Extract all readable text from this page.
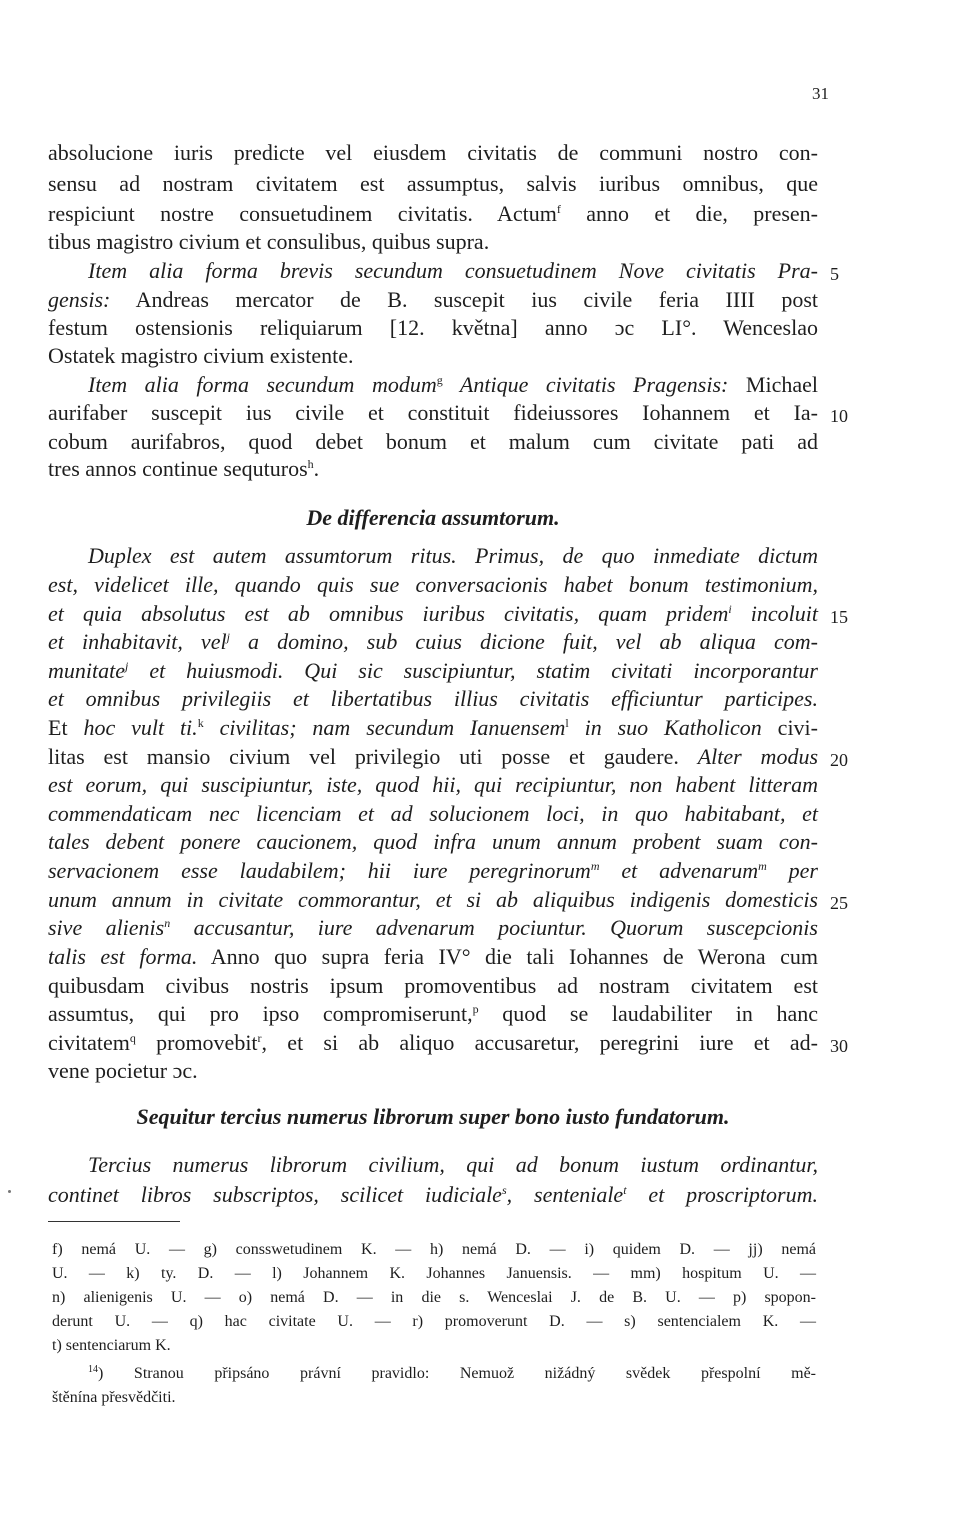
31
absolucione iuris predicte vel eiusdem civitatis de communi nostro con-
sensu ad nostram civitatem est assumptus, salvis iuribus omnibus, que
respiciunt nostre consuetudinem civitatis. Actum$^f$ anno et die, presen-
tibus magistro civium et consulibus, quibus supra.
Item alia forma brevis secundum consuetudinem Nove civitatis Pra-
gensis: Andreas mercator de B. suscepit ius civile feria IIII post
festum ostensionis reliquiarum [12. května] anno ɔc LI°. Wenceslao
Ostatek magistro civium existente.
Item alia forma secundum modum$^g$ Antique civitatis Pragensis: Michael
aurifaber suscepit ius civile et constituit fideiussores Iohannem et Ia-
cobum aurifabros, quod debet bonum et malum cum civitate pati ad
tres annos continue sequturos$^h$.
De differencia assumtorum.
Duplex est autem assumtorum ritus. Primus, de quo inmediate dictum
est, videlicet ille, quando quis sue conversacionis habet bonum testimonium,
et quia absolutus est ab omnibus iuribus civitatis, quam pridem$^i$ incoluit
et inhabitavit, vel$^j$ a domino, sub cuius dicione fuit, vel ab aliqua com-
munitate$^j$ et huiusmodi. Qui sic suscipiuntur, statim civitati incorporantur
et omnibus privilegiis et libertatibus illius civitatis efficiuntur participes.
Et hoc vult ti.$^k$ civilitas; nam secundum Ianuensem$^l$ in suo Katholicon civi-
litas est mansio civium vel privilegio uti posse et gaudere. Alter modus
est eorum, qui suscipiuntur, iste, quod hii, qui recipiuntur, non habent litteram
commendaticam nec licenciam et ad solucionem loci, in quo habitabant, et
tales debent ponere caucionem, quod infra unum annum probent suam con-
servacionem esse laudabilem; hii iure peregrinorum$^m$ et advenarum$^m$ per
unum annum in civitate commorantur, et si ab aliquibus indigenis domesticis
sive alienis$^n$ accusantur, iure advenarum pociuntur. Quorum suscepcionis
talis est forma. Anno quo supra feria IV° die tali Iohannes de Werona cum
quibusdam civibus nostris ipsum promoventibus ad nostram civitatem est
assumtus, qui pro ipso compromiserunt,$^p$ quod se laudabiliter in hanc
civitatem$^q$ promovebit$^r$, et si ab aliquo accusaretur, peregrini iure et ad-
vene pocietur ɔc.
Sequitur tercius numerus librorum super bono iusto fundatorum.
Tercius numerus librorum civilium, qui ad bonum iustum ordinantur,
continet libros subscriptos, scilicet iudiciale$^s$, senteniale$^t$ et proscriptorum.
5
10
15
20
25
30
f) nemá U. — g) consswetudinem K. — h) nemá D. — i) quidem D. — jj) nemá
U. — k) ty. D. — l) Johannem K. Johannes Januensis. — mm) hospitum U. —
n) alienigenis U. — o) nemá D. — in die s. Wenceslai J. de B. U. — p) spopon-
derunt U. — q) hac civitate U. — r) promoverunt D. — s) sentencialem K. —
t) sentenciarum K.
$^{14}$) Stranou připsáno právní pravidlo: Nemuož nižádný svědek přespolní mě-
štěnína přesvědčiti.
